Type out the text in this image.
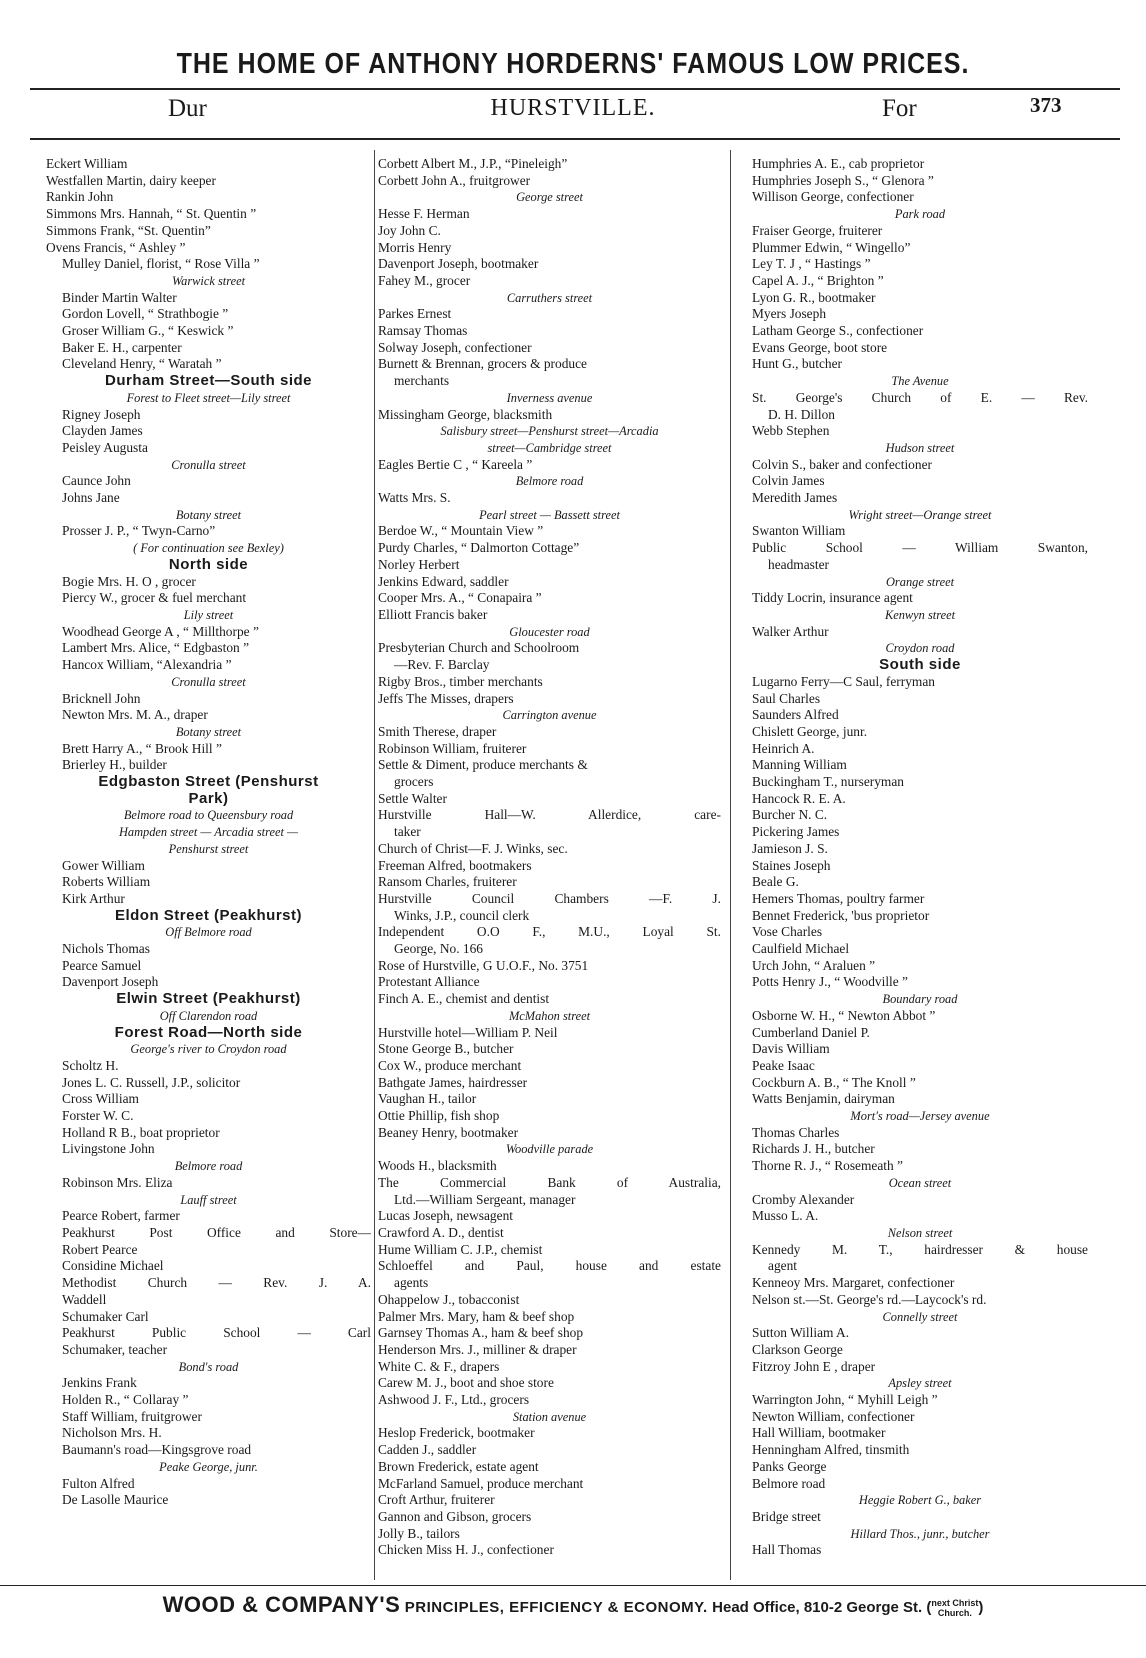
THE HOME OF ANTHONY HORDERNS' FAMOUS LOW PRICES.
Dur	HURSTVILLE.	For	373
Eckert William
Westfallen Martin, dairy keeper
Rankin John
Simmons Mrs. Hannah, “ St. Quentin ”
Simmons Frank, “St. Quentin”
Ovens Francis, “ Ashley ”
Mulley Daniel, florist, “ Rose Villa ”
Warwick street
Binder Martin Walter
Gordon Lovell, “ Strathbogie ”
Groser William G., “ Keswick ”
Baker E. H., carpenter
Cleveland Henry, “ Waratah ”
Durham Street—South side
Forest to Fleet street—Lily street
Rigney Joseph
Clayden James
Peisley Augusta
Cronulla street
Caunce John
Johns Jane
Botany street
Prosser J. P., “ Twyn-Carno”
( For continuation see Bexley)
North side
Bogie Mrs. H. O , grocer
Piercy W., grocer & fuel merchant
Lily street
Woodhead George A , “ Millthorpe ”
Lambert Mrs. Alice, “ Edgbaston ”
Hancox William, “Alexandria ”
Cronulla street
Bricknell John
Newton Mrs. M. A., draper
Botany street
Brett Harry A., “ Brook Hill ”
Brierley H., builder
Edgbaston Street (Penshurst
Park)
Belmore road to Queensbury road
Hampden street — Arcadia street —
Penshurst street
Gower William
Roberts William
Kirk Arthur
Eldon Street (Peakhurst)
Off Belmore road
Nichols Thomas
Pearce Samuel
Davenport Joseph
Elwin Street (Peakhurst)
Off Clarendon road
Forest Road—North side
George's river to Croydon road
Scholtz H.
Jones L. C. Russell, J.P., solicitor
Cross William
Forster W. C.
Holland R B., boat proprietor
Livingstone John
Belmore road
Robinson Mrs. Eliza
Lauff street
Pearce Robert, farmer
Peakhurst Post Office and Store—
Robert Pearce
Considine Michael
Methodist Church — Rev. J. A.
Waddell
Schumaker Carl
Peakhurst Public School — Carl
Schumaker, teacher
Bond's road
Jenkins Frank
Holden R., “ Collaray ”
Staff William, fruitgrower
Nicholson Mrs. H.
Baumann's road—Kingsgrove road
Peake George, junr.
Fulton Alfred
De Lasolle Maurice
Corbett Albert M., J.P., “Pineleigh”
Corbett John A., fruitgrower
George street
Hesse F. Herman
Joy John C.
Morris Henry
Davenport Joseph, bootmaker
Fahey M., grocer
Carruthers street
Parkes Ernest
Ramsay Thomas
Solway Joseph, confectioner
Burnett & Brennan, grocers & produce
merchants
Inverness avenue
Missingham George, blacksmith
Salisbury street—Penshurst street—Arcadia
street—Cambridge street
Eagles Bertie C , “ Kareela ”
Belmore road
Watts Mrs. S.
Pearl street — Bassett street
Berdoe W., “ Mountain View ”
Purdy Charles, “ Dalmorton Cottage”
Norley Herbert
Jenkins Edward, saddler
Cooper Mrs. A., “ Conapaira ”
Elliott Francis baker
Gloucester road
Presbyterian Church and Schoolroom
—Rev. F. Barclay
Rigby Bros., timber merchants
Jeffs The Misses, drapers
Carrington avenue
Smith Therese, draper
Robinson William, fruiterer
Settle & Diment, produce merchants &
grocers
Settle Walter
Hurstville Hall—W. Allerdice, care-
taker
Church of Christ—F. J. Winks, sec.
Freeman Alfred, bootmakers
Ransom Charles, fruiterer
Hurstville Council Chambers —F. J.
Winks, J.P., council clerk
Independent O.O F., M.U., Loyal St.
George, No. 166
Rose of Hurstville, G U.O.F., No. 3751
Protestant Alliance
Finch A. E., chemist and dentist
McMahon street
Hurstville hotel—William P. Neil
Stone George B., butcher
Cox W., produce merchant
Bathgate James, hairdresser
Vaughan H., tailor
Ottie Phillip, fish shop
Beaney Henry, bootmaker
Woodville parade
Woods H., blacksmith
The Commercial Bank of Australia,
Ltd.—William Sergeant, manager
Lucas Joseph, newsagent
Crawford A. D., dentist
Hume William C. J.P., chemist
Schloeffel and Paul, house and estate
agents
Ohappelow J., tobacconist
Palmer Mrs. Mary, ham & beef shop
Garnsey Thomas A., ham & beef shop
Henderson Mrs. J., milliner & draper
White C. & F., drapers
Carew M. J., boot and shoe store
Ashwood J. F., Ltd., grocers
Station avenue
Heslop Frederick, bootmaker
Cadden J., saddler
Brown Frederick, estate agent
McFarland Samuel, produce merchant
Croft Arthur, fruiterer
Gannon and Gibson, grocers
Jolly B., tailors
Chicken Miss H. J., confectioner
Humphries A. E., cab proprietor
Humphries Joseph S., “ Glenora ”
Willison George, confectioner
Park road
Fraiser George, fruiterer
Plummer Edwin, “ Wingello”
Ley T. J , “ Hastings ”
Capel A. J., “ Brighton ”
Lyon G. R., bootmaker
Myers Joseph
Latham George S., confectioner
Evans George, boot store
Hunt G., butcher
The Avenue
St. George's Church of E. — Rev.
D. H. Dillon
Webb Stephen
Hudson street
Colvin S., baker and confectioner
Colvin James
Meredith James
Wright street—Orange street
Swanton William
Public School — William Swanton,
headmaster
Orange street
Tiddy Locrin, insurance agent
Kenwyn street
Walker Arthur
Croydon road
South side
Lugarno Ferry—C Saul, ferryman
Saul Charles
Saunders Alfred
Chislett George, junr.
Heinrich A.
Manning William
Buckingham T., nurseryman
Hancock R. E. A.
Burcher N. C.
Pickering James
Jamieson J. S.
Staines Joseph
Beale G.
Hemers Thomas, poultry farmer
Bennet Frederick, 'bus proprietor
Vose Charles
Caulfield Michael
Urch John, “ Araluen ”
Potts Henry J., “ Woodville ”
Boundary road
Osborne W. H., “ Newton Abbot ”
Cumberland Daniel P.
Davis William
Peake Isaac
Cockburn A. B., “ The Knoll ”
Watts Benjamin, dairyman
Mort's road—Jersey avenue
Thomas Charles
Richards J. H., butcher
Thorne R. J., “ Rosemeath ”
Ocean street
Cromby Alexander
Musso L. A.
Nelson street
Kennedy M. T., hairdresser & house
agent
Kenneoy Mrs. Margaret, confectioner
Nelson st.—St. George's rd.—Laycock's rd.
Connelly street
Sutton William A.
Clarkson George
Fitzroy John E , draper
Apsley street
Warrington John, “ Myhill Leigh ”
Newton William, confectioner
Hall William, bootmaker
Henningham Alfred, tinsmith
Panks George
Belmore road
Heggie Robert G., baker
Bridge street
Hillard Thos., junr., butcher
Hall Thomas
WOOD & COMPANY'S PRINCIPLES, EFFICIENCY & ECONOMY. Head Office, 810-2 George St. (next Christ
Church. )
